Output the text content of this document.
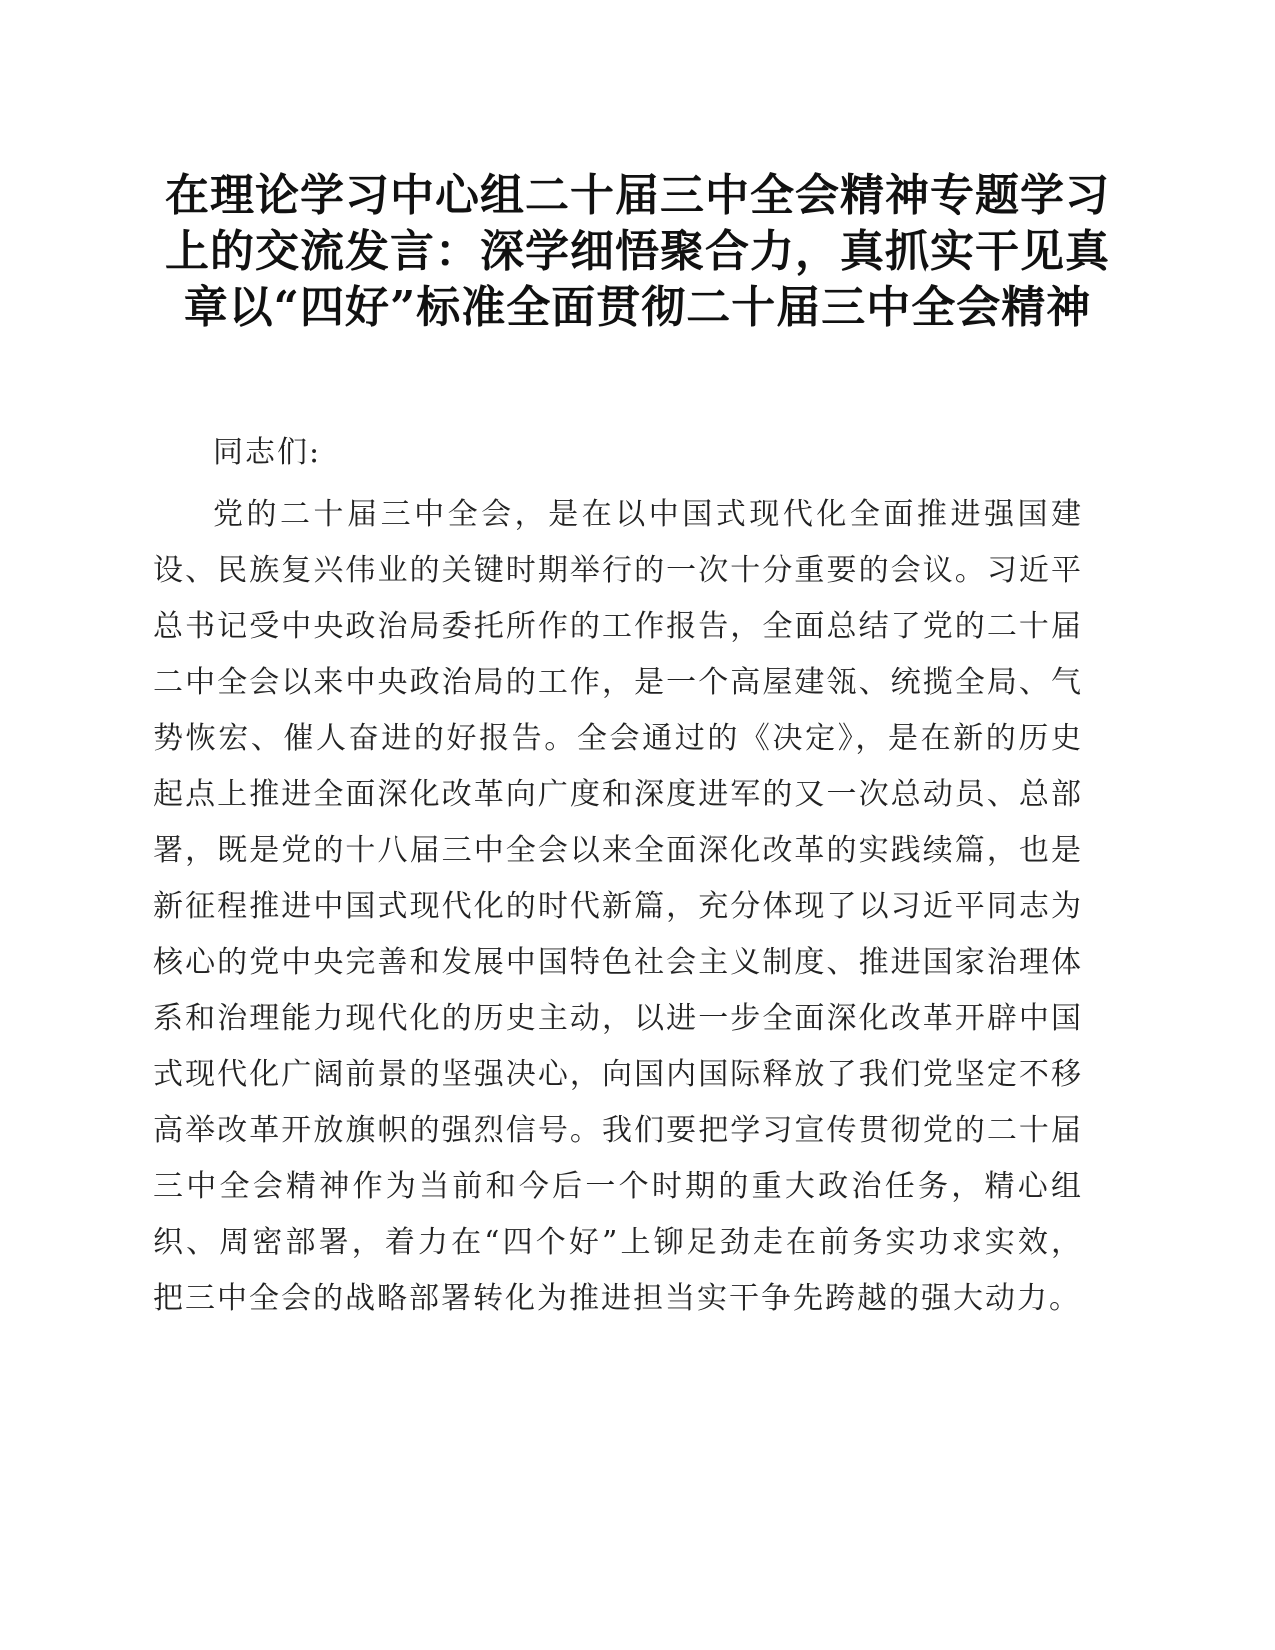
在理论学习中心组二十届三中全会精神专题学习上的交流发言：深学细悟聚合力，真抓实干见真章以“四好”标准全面贯彻二十届三中全会精神

同志们:

党的二十届三中全会，是在以中国式现代化全面推进强国建设、民族复兴伟业的关键时期举行的一次十分重要的会议。习近平总书记受中央政治局委托所作的工作报告，全面总结了党的二十届二中全会以来中央政治局的工作，是一个高屋建瓴、统揽全局、气势恢宏、催人奋进的好报告。全会通过的《决定》，是在新的历史起点上推进全面深化改革向广度和深度进军的又一次总动员、总部署，既是党的十八届三中全会以来全面深化改革的实践续篇，也是新征程推进中国式现代化的时代新篇，充分体现了以习近平同志为核心的党中央完善和发展中国特色社会主义制度、推进国家治理体系和治理能力现代化的历史主动，以进一步全面深化改革开辟中国式现代化广阔前景的坚强决心，向国内国际释放了我们党坚定不移高举改革开放旗帜的强烈信号。我们要把学习宣传贯彻党的二十届三中全会精神作为当前和今后一个时期的重大政治任务，精心组织、周密部署，着力在“四个好”上铆足劲走在前务实功求实效，把三中全会的战略部署转化为推进担当实干争先跨越的强大动力。
